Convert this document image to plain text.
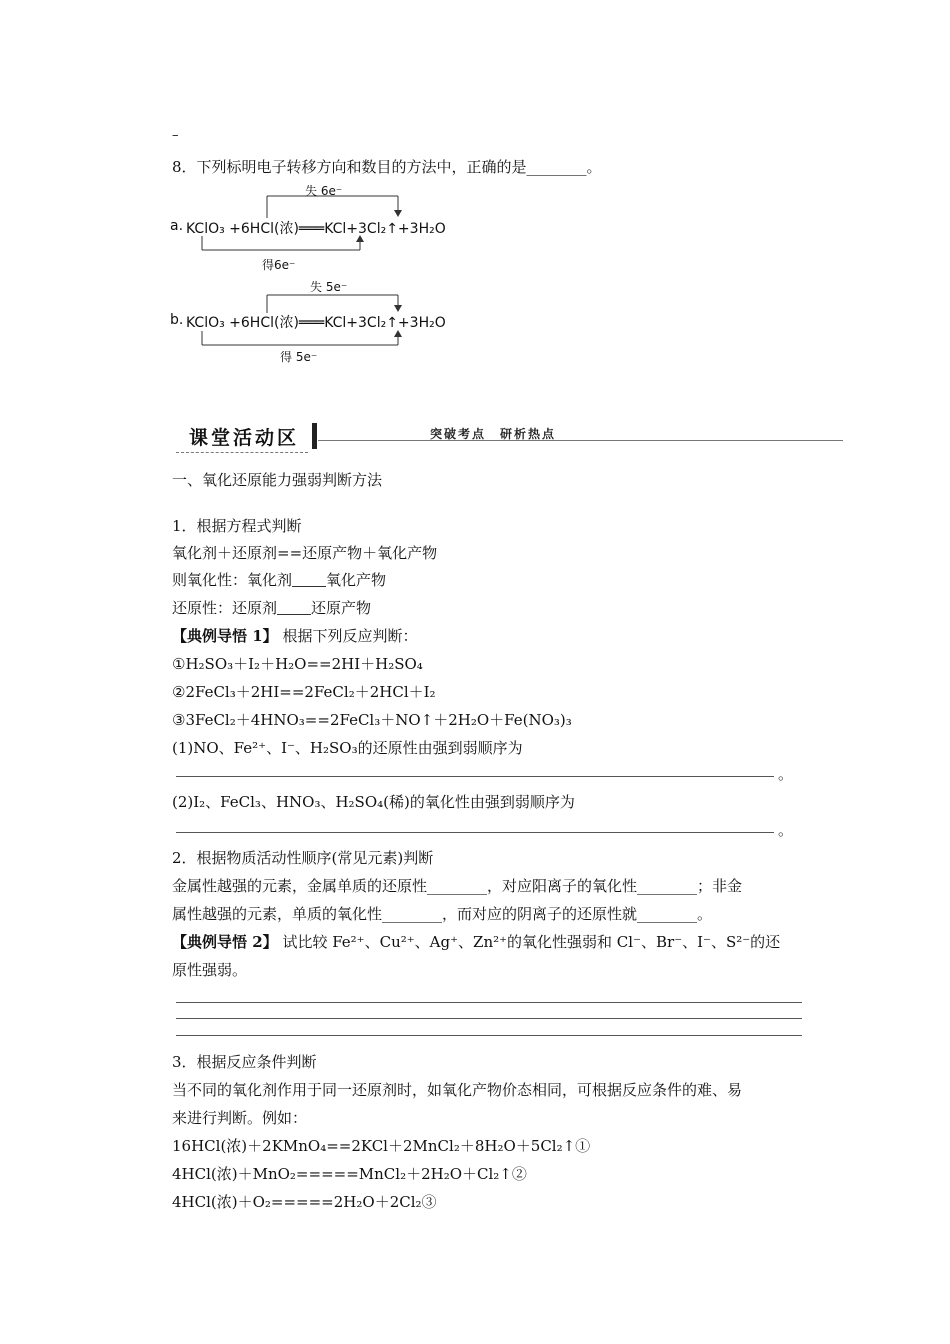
–
8．下列标明电子转移方向和数目的方法中，正确的是________。
失 6e⁻
a. KClO₃ +6HCl(浓)═══KCl+3Cl₂↑+3H₂O
得6e⁻
失 5e⁻
b. KClO₃ +6HCl(浓)═══KCl+3Cl₂↑+3H₂O
得 5e⁻
课堂活动区	突破考点　研析热点
一、氧化还原能力强弱判断方法
1．根据方程式判断
氧化剂＋还原剂==还原产物＋氧化产物
则氧化性：氧化剂 氧化产物
还原性：还原剂 还原产物
【典例导悟 1】 根据下列反应判断：
①H₂SO₃＋I₂＋H₂O==2HI＋H₂SO₄
②2FeCl₃＋2HI==2FeCl₂＋2HCl＋I₂
③3FeCl₂＋4HNO₃==2FeCl₃＋NO↑＋2H₂O＋Fe(NO₃)₃
(1)NO、Fe²⁺、I⁻、H₂SO₃的还原性由强到弱顺序为
。
(2)I₂、FeCl₃、HNO₃、H₂SO₄(稀)的氧化性由强到弱顺序为
。
2．根据物质活动性顺序(常见元素)判断
金属性越强的元素，金属单质的还原性________，对应阳离子的氧化性________；非金
属性越强的元素，单质的氧化性________，而对应的阴离子的还原性就________。
【典例导悟 2】 试比较 Fe²⁺、Cu²⁺、Ag⁺、Zn²⁺的氧化性强弱和 Cl⁻、Br⁻、I⁻、S²⁻的还
原性强弱。
3．根据反应条件判断
当不同的氧化剂作用于同一还原剂时，如氧化产物价态相同，可根据反应条件的难、易
来进行判断。例如：
16HCl(浓)＋2KMnO₄==2KCl＋2MnCl₂＋8H₂O＋5Cl₂↑①
4HCl(浓)＋MnO₂=====MnCl₂＋2H₂O＋Cl₂↑②
4HCl(浓)＋O₂=====2H₂O＋2Cl₂③
